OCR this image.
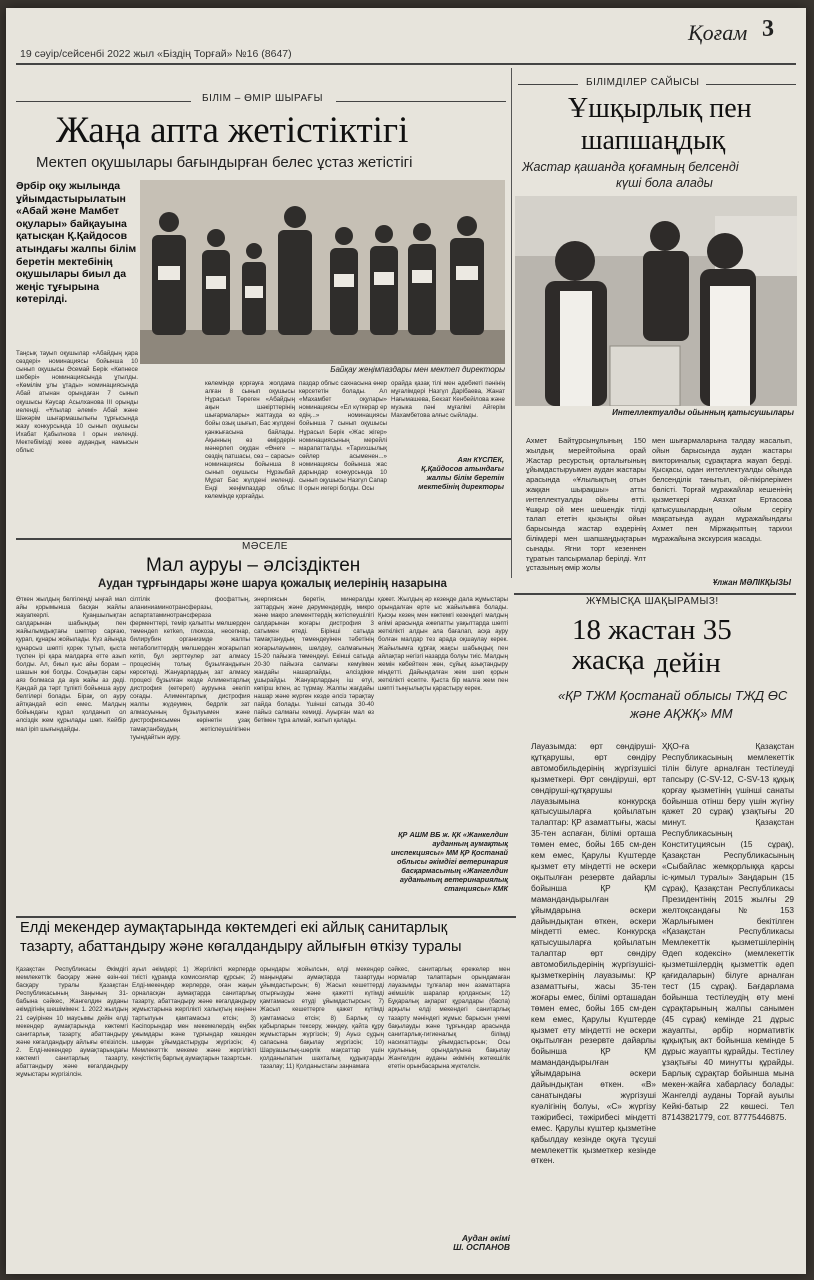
19 сәуір/сейсенбі 2022 жыл «Біздің Торғай» №16 (8647)
Қоғам 3
БІЛІМ – ӨМІР ШЫРАҒЫ
Жаңа апта жетістіктігі
Мектеп оқушылары бағындырған белес ұстаз жетістігі
Әрбір оқу жылында ұйымдастырылатын «Абай және Мамбет оқулары» байқауына қатысқан Қ.Қайдосов атындағы жалпы білім беретін мектебінің оқушылары биыл да жеңіс тұғырына көтерілді.
Байқау жеңімпаздары мен мектеп директоры
Таңсық тауып оқушылар «Абайдың қара сөздері» номинациясы бойынша 10 сынып оқушысы Әсемай Берік «Көпнесе шебері» номинациясында ұтылды. «Көмілім ұлы ұтады» номинациясында Абай атынан орындаған 7 сынып оқушысы Кәусар Асылханова III орынды иеленді. «Ұлылар әлемі» Абай және Шәкәрім шығармашылығы тұрғысында жазу конкурсында 10 сынып оқушысы Ихабат Қабылнова I орын иеленді. Мектебімізді жеке аудандық намысын облыс
көлемінде қорғауға жолдама алған 8 сынып оқушысы Нұрасыл Төреген «Абайдың ақын шәкірттерінің шығармалары» жаттауда өз бойы озық шығып, Бас жүлдені қанжығасына байлады. Ақынның өз өмірдерін мәнерлеп оқудан «Өнеге – сөздің патшасы, сөз – сарасы» номинациясы бойынша 8 сынып оқушысы Нұрзыбай Мұрат Бас жүлдені иеленді. Енді жеңімпаздар облыс көлемінде қорғайды.
паздар облыс сахнасына өнер көрсететін болады. Ал «Махамбет оқулары» номинациясы «Ел күткерар ер едің...» номинациясы бойынша 7 сынып оқушысы Нұрасыл Берік «Жас жігер» номинациясының мерейлі марапатталды. «Тарихшылық сөйлер асыменен...» номинациясы бойынша жас дарындар конкурсында 10 сынып оқушысы Назгүл Сапар II орын иегері болды. Осы
орайда қазақ тілі мен әдебиеті пәнінің мұғалімдері Назгүл Дарібаева, Жанат Нағымашева, Бекзат Кенбейілова және музыка пәні мұғалімі Айгерім Махамбетова алғыс сыйлады.
Аян КҮСПЕК,
Қ.Қайдосов атындағы жалпы білім беретін мектебінің директоры
БІЛІМДІЛЕР САЙЫСЫ
Ұшқырлық пен
шапшаңдық
Жастар қашанда қоғамның белсенді
күші бола алады
Интеллектуалды ойынның қатысушылары
Ахмет Байтұрсынұлының 150 жылдық мерейтойына орай Жастар ресурстық орталығының ұйымдастыруымен аудан жастары арасында «Ұлылықтың отын жаққан шырақшы» атты интеллектуалды ойыны өтті. Ұшқыр ой мен шешендік тілді талап ететін қызықты ойын барысында жастар өздерінің білімдері мен шапшаңдықтарын сынады. Ягни торт кезеннен тұратын тапсырмалар берілді. Ұлт ұстазының өмір жолы
мен шығармаларына талдау жасалып, ойын барысында аудан жастары викториналық сұрақтарға жауап берді. Қысқасы, одан интеллектуалды ойында белсенділік танытып, ой-пікірлерімен бөлісті. Торғай мұражайлар кешенінің қызметкері Аязхат Ертасова қатысушылардың ойым серігу мақсатында аудан мұражайындағы Ахмет пен Міржақыптың тарихи мұражайына экскурсия жасады.
Ұлжан МӘЛІКҚЫЗЫ
МӘСЕЛЕ
Мал ауруы – әлсіздіктен
Аудан тұрғындары және шаруа қожалық иелерінің назарына
Өткен жылдың белгіленді ыңғай мал айы қорымынша басқан жайлы жауапкерлі. Қуаңшылықтан салдарынан шабындық пен жайылымдықтағы шөптер сарғаю, қурап, құнары жойылады. Күз айында құнарсыз шөпті қорек тұтып, қыста түспен ірі қара малдарға етте азып болды. Ал, биыл қыс айы борам – шашын жиі болды. Сондықтан сары аяз болмаса да ауа жайы аз деді. Қандай да тәрт тұлікті бойынша ауру белгілері болады. Бірақ, ол ауру айтқандай өсіп емес. Малдың бойындағы кұрал қолданып ол әлсіздік жем құрылады шөп. Кейбір мал іріп шығындайды.
сілтілік фосфаттың, аланиниаминотрансферазы, аспартатаминотрансфераза ферменттері, темір қалыпты мөлшерден төмендеп кетken, глюкоза, несепнар, билирубин организмде жалпы метаболиттердің мөлшерден жоғарылап кетіп, бұл зерттеулер зат алмасу процесінің толық бұзылғандығын көрсетеді. Жануарлардың зат алмасу процесі бұзылған кезде Алиментарлық дистрофия (кетереп) ауруына әкеліп соғады. Алиментарлық дистрофия жалпы жүдеумен, бедрлік зат алмасуының бұзылуымен және дистрофиясымен көрінетін ұзақ тамақтанбаудың жетіспеушілігінен туындайтын ауру.
энергиясын беретін, минералды заттардың және дәрумендердің, микро және макро элементтердің жетіспеушілігі салдарынан жоғары дистрофия 3 сатымен өтеді. Бірінші сатыда тамақтанудың төмендеуінен тәбетінің жоғарылауымен, шөлдеу, салмағының 15-20 пайызға төмендеуі. Екінші сатыда 20-30 пайызға салмағы кемуімен жағдайы нашарлайды, әлсіздікке ұшырайды. Жануарлардың іш өтуі, көпірш ікпен, ас түрмау. Жалпы жағдайы нашар және жүрген кезде әлсіз тәрақтау пайда болады. Үшінші сатыда 30-40 пайыз салмағы кемиді. Ауырған мал өз бетімен тұра алмай, жатып қалады.
қажет. Жылдың әр кезеңде дала жұмыстары орындалған ерте ыс жайылымға болады. Қысқы кезең мен көктемгі кезеңдегі малдың өлімі арасында әжепатты уақыттарда шөпті жеткілікті алдын ала бағалап, асқа ауру болған малдар тез арада оқшаулау керек. Жайылымға құрғақ жақсы шабындық пен айлақтар негізгі назарда болуы тиіс. Малдың жемін көбейткен жөн, сұйық азықтандыру міндетті. Дайындалған жем шөп қорын жеткілікті есепте. Қыста бір малға жем пен шөпті тыңғылықты қарастыру керек.
ҚР АШМ ВБ ж. ҚК «Жанкелдин ауданның аумақтық инспекциясы» ММ ҚР Қостанай облысы әкімдігі ветеринария басқармасының «Жангелдин ауданының ветеринариялық станциясы» КМК
ЖҰМЫСҚА ШАҚЫРАМЫЗ!
18 жастан 35 жасқа дейін
«ҚР ТЖМ Қостанай облысы ТЖД ӨС
және АҚЖҚ» ММ
Лауазымда: өрт сөндіруші-құтқарушы, өрт сөндіру автомобильдерінің жүргізушісі қызметкері. Өрт сөндіруші, өрт сөндіруші-құтқарушы лауазымына конкурсқа қатысушыларға қойылатын талаптар: ҚР азаматтығы, жасы 35-тен аспаған, білімі орташа төмен емес, бойы 165 см-ден кем емес, Қарулы Күштерде қызмет ету міндетті не әскери оқытылған резервте дайарлы бойынша ҚР ҚМ мамандандырылған ұйымдарына әскери дайындықтан өткен, әскери міндетті емес. Конкурсқа қатысушыларға қойылатын талаптар өрт сөндіру автомобильдерінің жүргізушісі-қызметкерінің лауазымы: ҚР азаматтығы, жасы 35-тен жоғары емес, білімі орташадан төмен емес, бойы 165 см-ден кем емес, Қарулы Күштерде қызмет ету міндетті не әскери оқытылған резервте дайарлы бойынша ҚР ҚМ мамандандырылған ұйымдарына әскери дайындықтан өткен. «В» санатындағы жүргізуші куәлігінің болуы, «С» жүргізу тәжірибесі, тәжірибесі міндетті емес. Қарулы күштер қызметіне қабылдау кезінде оқуға тұсуші мемлекеттік қызметкер кезінде өткен.
ҲҚО-ға Қазақстан Республикасының мемлекеттік тілін білуге арналған тестілеуді тапсыру (С-SV-12, С-SV-13 құқық қорғау қызметінің үшінші санаты бойынша отінш беру үшін жүгіну қажет 20 сұрақ) ұзақтығы 20 минут. Қазақстан Республикасының Конституциясын (15 сұрақ), Қазақстан Республикасының «Сыбайлас жемқорлыққа қарсы іс-қимыл туралы» Заңдарын (15 сұрақ), Қазақстан Республикасы Президентінің 2015 жылғы 29 желтоқсандағы № 153 Жарлығымен бекітілген «Қазақстан Республикасы Мемлекеттік қызметшілерінің Әдеп кодексін» (мемлекеттік қызметшілердің қызметтік әдеп қағидаларын) білуге арналған тест (15 сұрақ). Бағдарлама бойынша тестілеудің өту мені сұрақтарының жалпы санымен (45 сұрақ) кемінде 21 дұрыс жауапты, әрбір нормативтік құқықтық акт бойынша кемінде 5 дұрыс жауапты құрайды. Тестілеу ұзақтығы 40 минутты құрайды. Барлық сұрақтар бойынша мына мекен-жайға хабарласу болады: Жангелді ауданы Торғай ауылы Кейкі-батыр 22 көшесі. Тел 87143821779, сот. 87775446875.
Елді мекендер аумақтарында көктемдегі екі айлық санитарлық
тазарту, абаттандыру және көгалдандыру айлығын өткізу туралы
Қазақстан Республикасы Әкімдігі мемлекеттік басқару және өзін-өзі басқару туралы Қазақстан Республикасының Заңының 31-бабына сәйкес, Жангелдин ауданы әкімдігінің шешімімен: 1. 2022 жылдың 21 сәуірінен 10 маусымы дейін елді мекендер аумақтарында көктемгі санитарлық тазарту, абаттандыру және көгалдандыру айлығы өткізілсін. 2. Елді-мекендер аумақтарындағы көктемгі санитарлық тазарту, абаттандыру және көгалдандыру жұмыстары жүргізілсін.
ауыл әкімдері; 1) Жергілікті жерлерде тиісті құрамда комиссиялар құрсын; 2) Елді-мекендер жерлерде, оған жақын орналасқан аумақтарда санитарлық тазарту, абаттандыру және көгалдандыру жұмыстарына жергілікті халықтың кеңінен тартылуын қамтамасыз етсін; 3) Кәсіпорындар мен мекемелердің еңбек ұжымдары және тұрғындар көшеден шыққан ұйымдастыруды жүргізсін; 4) Мемлекеттік мекеме және жергілікті кеңістіктің барлық аумақтарын тазартсын.
орындары жойылсын, елді мекендер маңындағы аумақтарда тазартуды ұйымдастырсын; 6) Жасыл кешеттерді отырғызуды және қажетті күтімді қамтамасыз етуді ұйымдастырсын; 7) Жасыл кешеттерге қажет күтімді қамтамасыз етсін; 8) Барлық су қабырларын тексеру, жөндеу, қайта құру жұмыстарын жүргізсін; 9) Ауыз судың сапасына бақылау жүргізсін; 10) Шаруашылық-шөрлік мақсаттар үшін қолданылатын шахталық құдықтарды тазалау; 11) Қолданыстағы заңнамаға
сәйкес, санитарлық ережелер мен нормалар талаптарын орындамаған лауазымды тұлғалар мен азаматтарға әкімшілік шаралар қолдансын; 12) Бұқаралық ақпарат құралдары (баспа) арқылы елді мекендегі санитарлық тазарту мәніндегі жұмыс барысын үнемі бақылауды және тұрғындар арасында санитарлық-гигиеналық білімді насихаттауды ұйымдастырсын; Осы қаулының орындалуына бақылау Жангелдин ауданы әкімінің жетекшілік ететін орынбасарына жүктелсін.
Аудан әкімі
Ш. ОСПАНОВ
